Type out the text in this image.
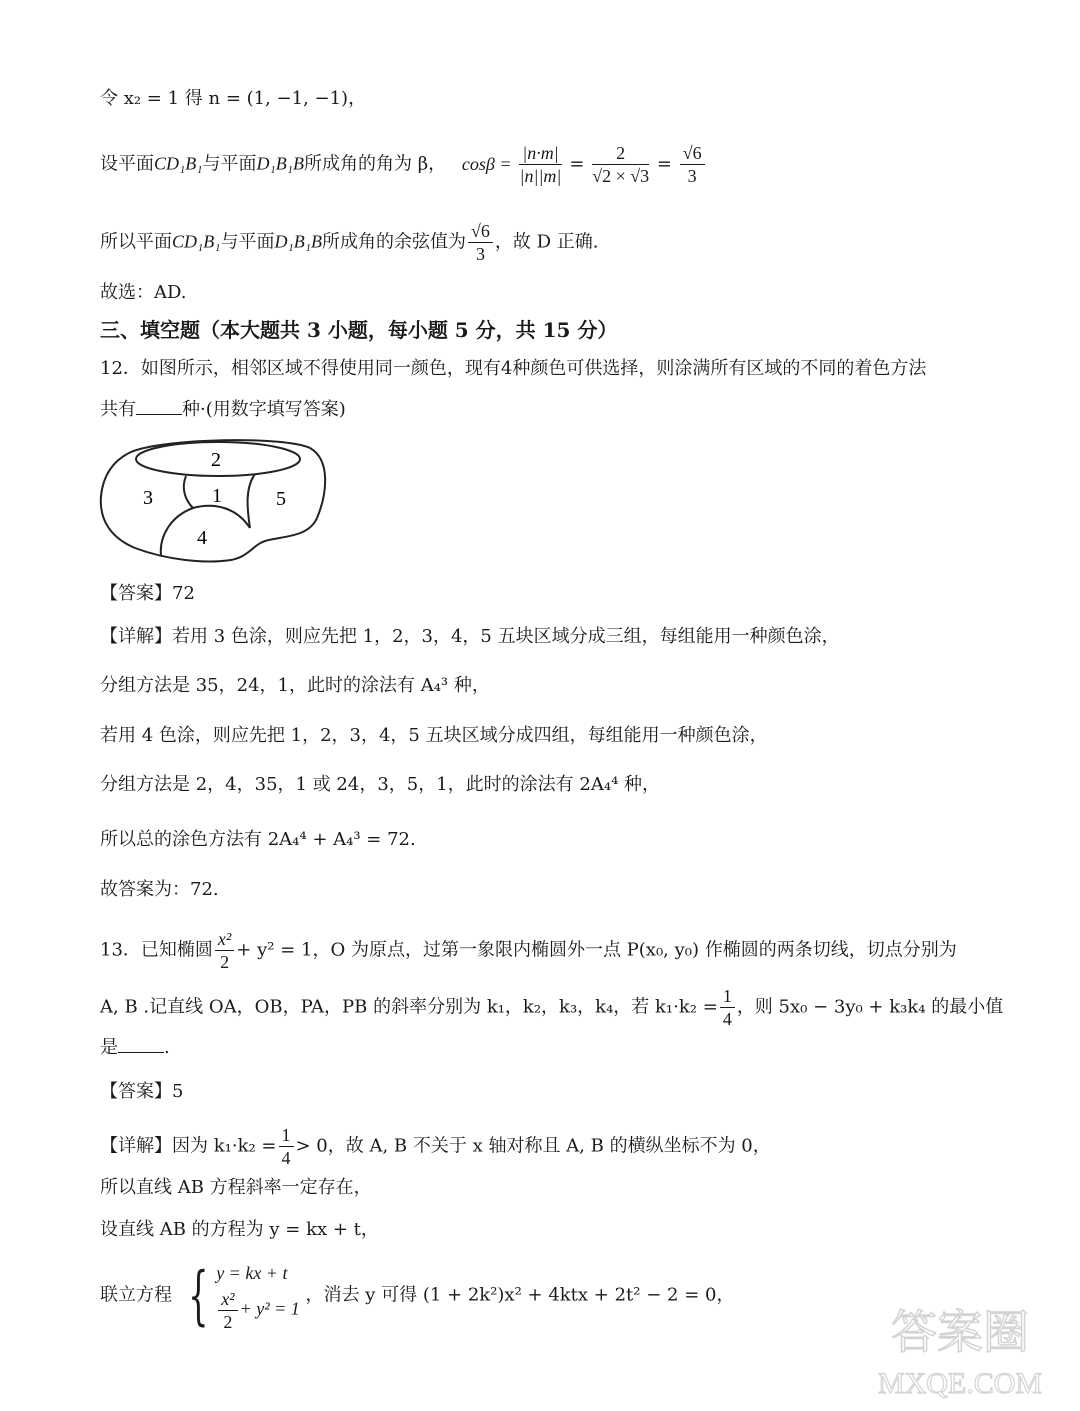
令 x₂ = 1 得 n = (1, −1, −1)，
设平面CD₁B₁与平面D₁B₁B所成角的角为 β， $\cos\beta = \frac{|n\cdot m|}{|n||m|} = \frac{2}{√2 \times √3} = \frac{√6}{3}$
所以平面CD₁B₁与平面D₁B₁B所成角的余弦值为 $\frac{√6}{3}$ ，故 D 正确.
故选：AD.
三、填空题（本大题共 3 小题，每小题 5 分，共 15 分）
12．如图所示，相邻区域不得使用同一颜色，现有4种颜色可供选择，则涂满所有区域的不同的着色方法
共有	种·(用数字填写答案)
2
1
3	5
4
【答案】72
【详解】若用 3 色涂，则应先把 1，2，3，4，5 五块区域分成三组，每组能用一种颜色涂，
分组方法是 35，24，1，此时的涂法有 A₄³ 种，
若用 4 色涂，则应先把 1，2，3，4，5 五块区域分成四组，每组能用一种颜色涂，
分组方法是 2，4，35，1 或 24，3，5，1，此时的涂法有 2A₄⁴ 种，
所以总的涂色方法有 2A₄⁴ + A₄³ = 72.
故答案为：72.
13．已知椭圆 $\frac{\text{x²}}{2} + y^2 = 1$，O 为原点，过第一象限内椭圆外一点 P(x₀, y₀) 作椭圆的两条切线，切点分别为
A, B .记直线 OA，OB，PA，PB 的斜率分别为 k₁，k₂，k₃，k₄，若 $k_1\cdot k_2 = \frac{1}{4}$ ，则 5x₀ − 3y₀ + k₃k₄ 的最小值
是	.
【答案】5
【详解】因为 $k_1\cdot k_2 = \frac{1}{4} > 0$，故 A, B 不关于 x 轴对称且 A, B 的横纵坐标不为 0，
所以直线 AB 方程斜率一定存在，
设直线 AB 的方程为 y = kx + t，
联立方程 { y = kx + t
$\frac{\text{x²}}{2} + y^2 = 1$
，消去 y 可得 (1 + 2k²)x² + 4ktx + 2t² − 2 = 0，
答案圈
MXQE.COM
